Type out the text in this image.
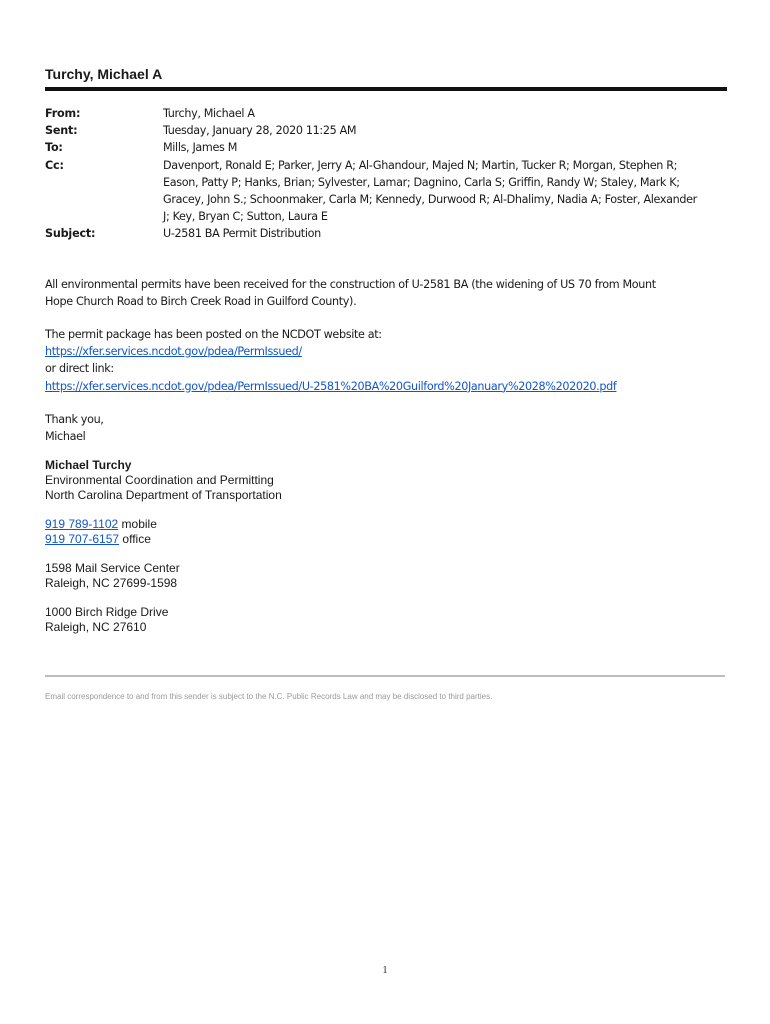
Turchy, Michael A
From:	Turchy, Michael A
Sent:	Tuesday, January 28, 2020 11:25 AM
To:	Mills, James M
Cc:	Davenport, Ronald E; Parker, Jerry A; Al-Ghandour, Majed N; Martin, Tucker R; Morgan, Stephen R;
Eason, Patty P; Hanks, Brian; Sylvester, Lamar; Dagnino, Carla S; Griffin, Randy W; Staley, Mark K;
Gracey, John S.; Schoonmaker, Carla M; Kennedy, Durwood R; Al-Dhalimy, Nadia A; Foster, Alexander
J; Key, Bryan C; Sutton, Laura E
Subject:	U-2581 BA Permit Distribution
All environmental permits have been received for the construction of U-2581 BA (the widening of US 70 from Mount
Hope Church Road to Birch Creek Road in Guilford County).
The permit package has been posted on the NCDOT website at:
https://xfer.services.ncdot.gov/pdea/PermIssued/
or direct link:
https://xfer.services.ncdot.gov/pdea/PermIssued/U-2581%20BA%20Guilford%20January%2028%202020.pdf
Thank you,
Michael
Michael Turchy
Environmental Coordination and Permitting
North Carolina Department of Transportation
919 789-1102 mobile
919 707-6157 office
1598 Mail Service Center
Raleigh, NC 27699-1598
1000 Birch Ridge Drive
Raleigh, NC 27610
Email correspondence to and from this sender is subject to the N.C. Public Records Law and may be disclosed to third parties.
1
